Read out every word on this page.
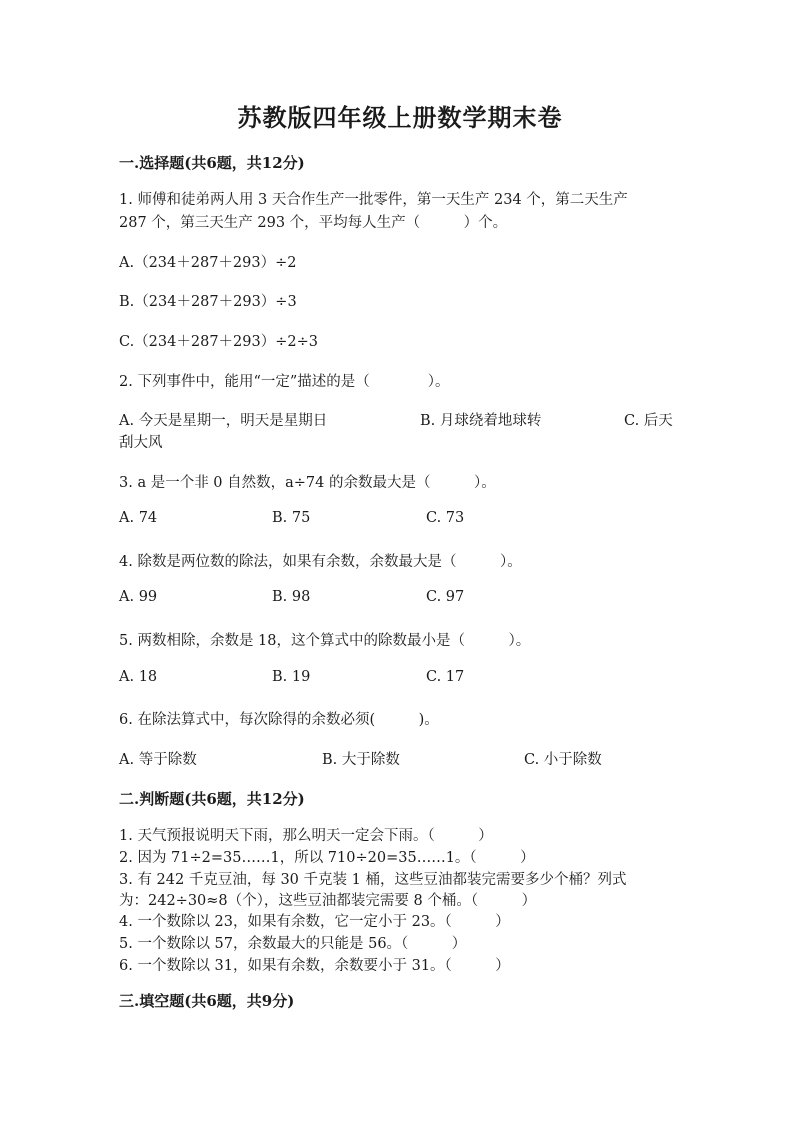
苏教版四年级上册数学期末卷
一.选择题(共6题，共12分)
1. 师傅和徒弟两人用 3 天合作生产一批零件，第一天生产 234 个，第二天生产
287 个，第三天生产 293 个，平均每人生产（　　　）个。
A.（234＋287＋293）÷2
B.（234＋287＋293）÷3
C.（234＋287＋293）÷2÷3
2. 下列事件中，能用“一定”描述的是（　　　　）。
A. 今天是星期一，明天是星期日	B. 月球绕着地球转	C. 后天
刮大风
3. a 是一个非 0 自然数，a÷74 的余数最大是（　　　）。
A. 74	B. 75	C. 73
4. 除数是两位数的除法，如果有余数，余数最大是（　　　）。
A. 99	B. 98	C. 97
5. 两数相除，余数是 18，这个算式中的除数最小是（　　　）。
A. 18	B. 19	C. 17
6. 在除法算式中，每次除得的余数必须(　　　)。
A. 等于除数	B. 大于除数	C. 小于除数
二.判断题(共6题，共12分)
1. 天气预报说明天下雨，那么明天一定会下雨。（　　　）
2. 因为 71÷2=35……1，所以 710÷20=35……1。（　　　）
3. 有 242 千克豆油，每 30 千克装 1 桶，这些豆油都装完需要多少个桶？列式
为：242÷30≈8（个），这些豆油都装完需要 8 个桶。（　　　）
4. 一个数除以 23，如果有余数，它一定小于 23。（　　　）
5. 一个数除以 57，余数最大的只能是 56。（　　　）
6. 一个数除以 31，如果有余数，余数要小于 31。（　　　）
三.填空题(共6题，共9分)
